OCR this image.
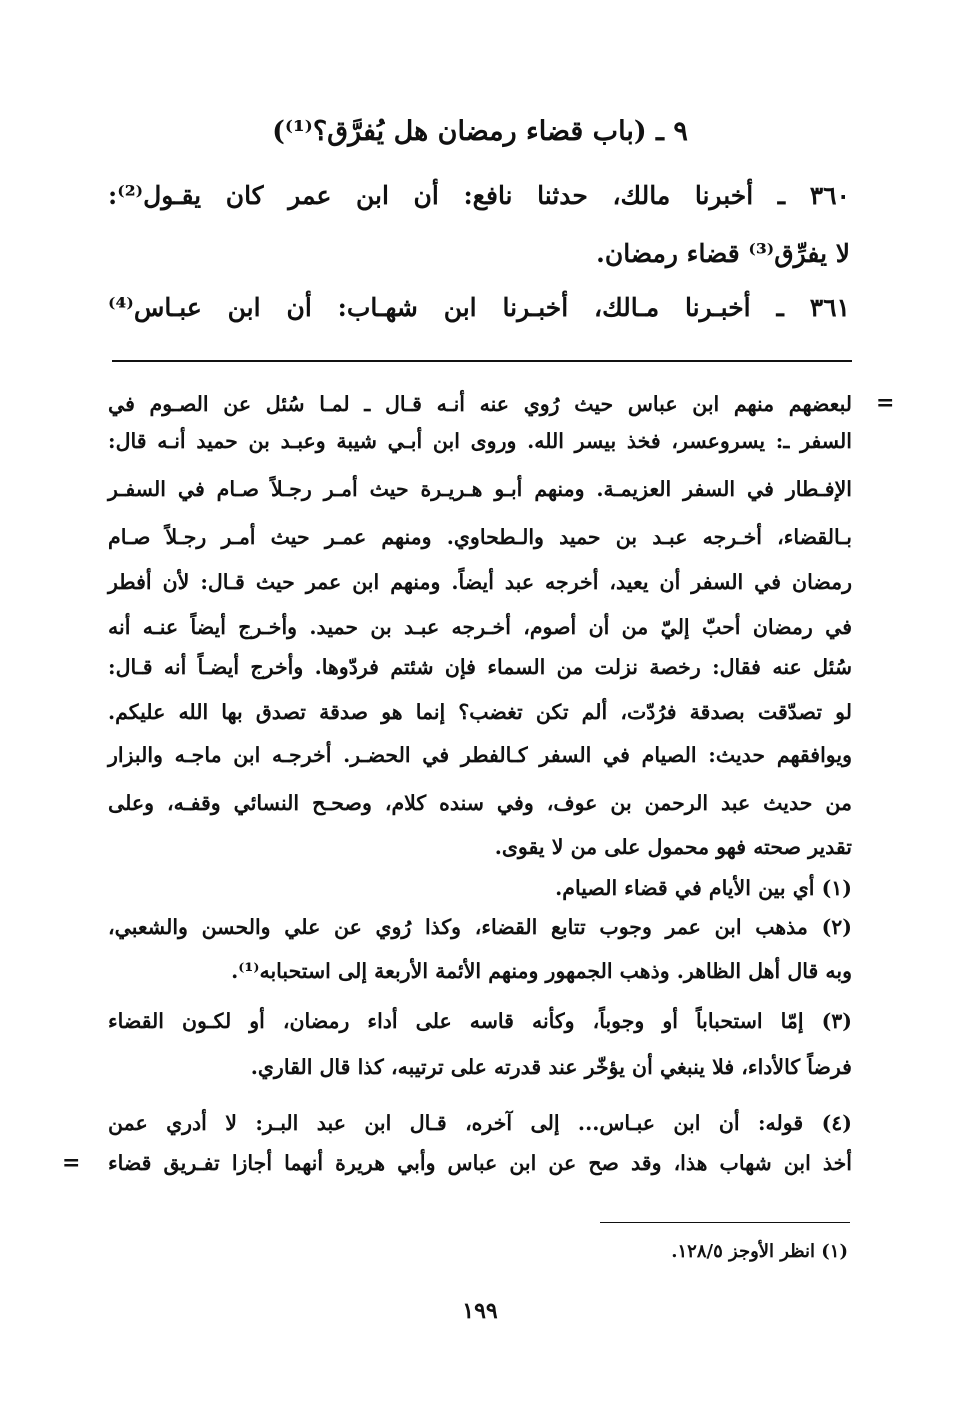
٩ ـ (باب قضاء رمضان هل يُفرَّق؟⁽¹⁾)
٣٦٠ ـ أخبرنا مالك، حدثنا نافع: أن ابن عمر كان يقـول⁽²⁾:
لا يفرِّق⁽³⁾ قضاء رمضان.
٣٦١ ـ أخبـرنا مـالك، أخبـرنا ابن شهـاب: أن ابن عبـاس⁽⁴⁾
=
لبعضهم منهم ابن عباس حيث رُوي عنه أنـه قـال ـ لمـا سُئل عن الصـوم في
السفر ـ: يسروعسر، فخذ بيسر الله. وروى ابن أبـي شيبة وعبـد بن حميد أنـه قال:
الإفـطار في السفر العزيمـة. ومنهم أبـو هـريـرة حيث أمـر رجـلاً صـام في السفـر
بـالقضاء، أخـرجه عبـد بن حميد والـطحاوي. ومنهم عمـر حيث أمـر رجـلاً صـام
رمضان في السفر أن يعيد، أخرجه عبد أيضاً. ومنهم ابن عمر حيث قـال: لأن أفطر
في رمضان أحبّ إليّ من أن أصوم، أخـرجه عبـد بن حميد. وأخـرج أيضاً عنـه أنه
سُئل عنه فقال: رخصة نزلت من السماء فإن شئتم فردّوها. وأخرج أيضـاً أنه قـال:
لو تصدّقت بصدقة فرُدّت، ألم تكن تغضب؟ إنما هو صدقة تصدق بها الله عليكم.
ويوافقهم حديث: الصيام في السفر كـالفطر في الحضـر. أخرجـه ابن ماجـه والبزار
من حديث عبد الرحمن بن عوف، وفي سنده كلام، وصحـح النسائي وقفـه، وعلى
تقدير صحته فهو محمول على من لا يقوى.
(١) أي بين الأيام في قضاء الصيام.
(٢) مذهب ابن عمر وجوب تتابع القضاء، وكذا رُوي عن علي والحسن والشعبي،
وبه قال أهل الظاهر. وذهب الجمهور ومنهم الأئمة الأربعة إلى استحبابه⁽¹⁾.
(٣) إمّا استحباباً أو وجوباً، وكأنه قاسه على أداء رمضان، أو لكـون القضاء
فرضاً كالأداء، فلا ينبغي أن يؤخّر عند قدرته على ترتيبه، كذا قال القاري.
(٤) قوله: أن ابن عبـاس... إلى آخره، قـال ابن عبد البـر: لا أدري عمن
أخذ ابن شهاب هذا، وقد صح عن ابن عباس وأبي هريرة أنهما أجازا تفـريق قضاء
=
(١) انظر الأوجز ١٢٨/٥.
١٩٩
